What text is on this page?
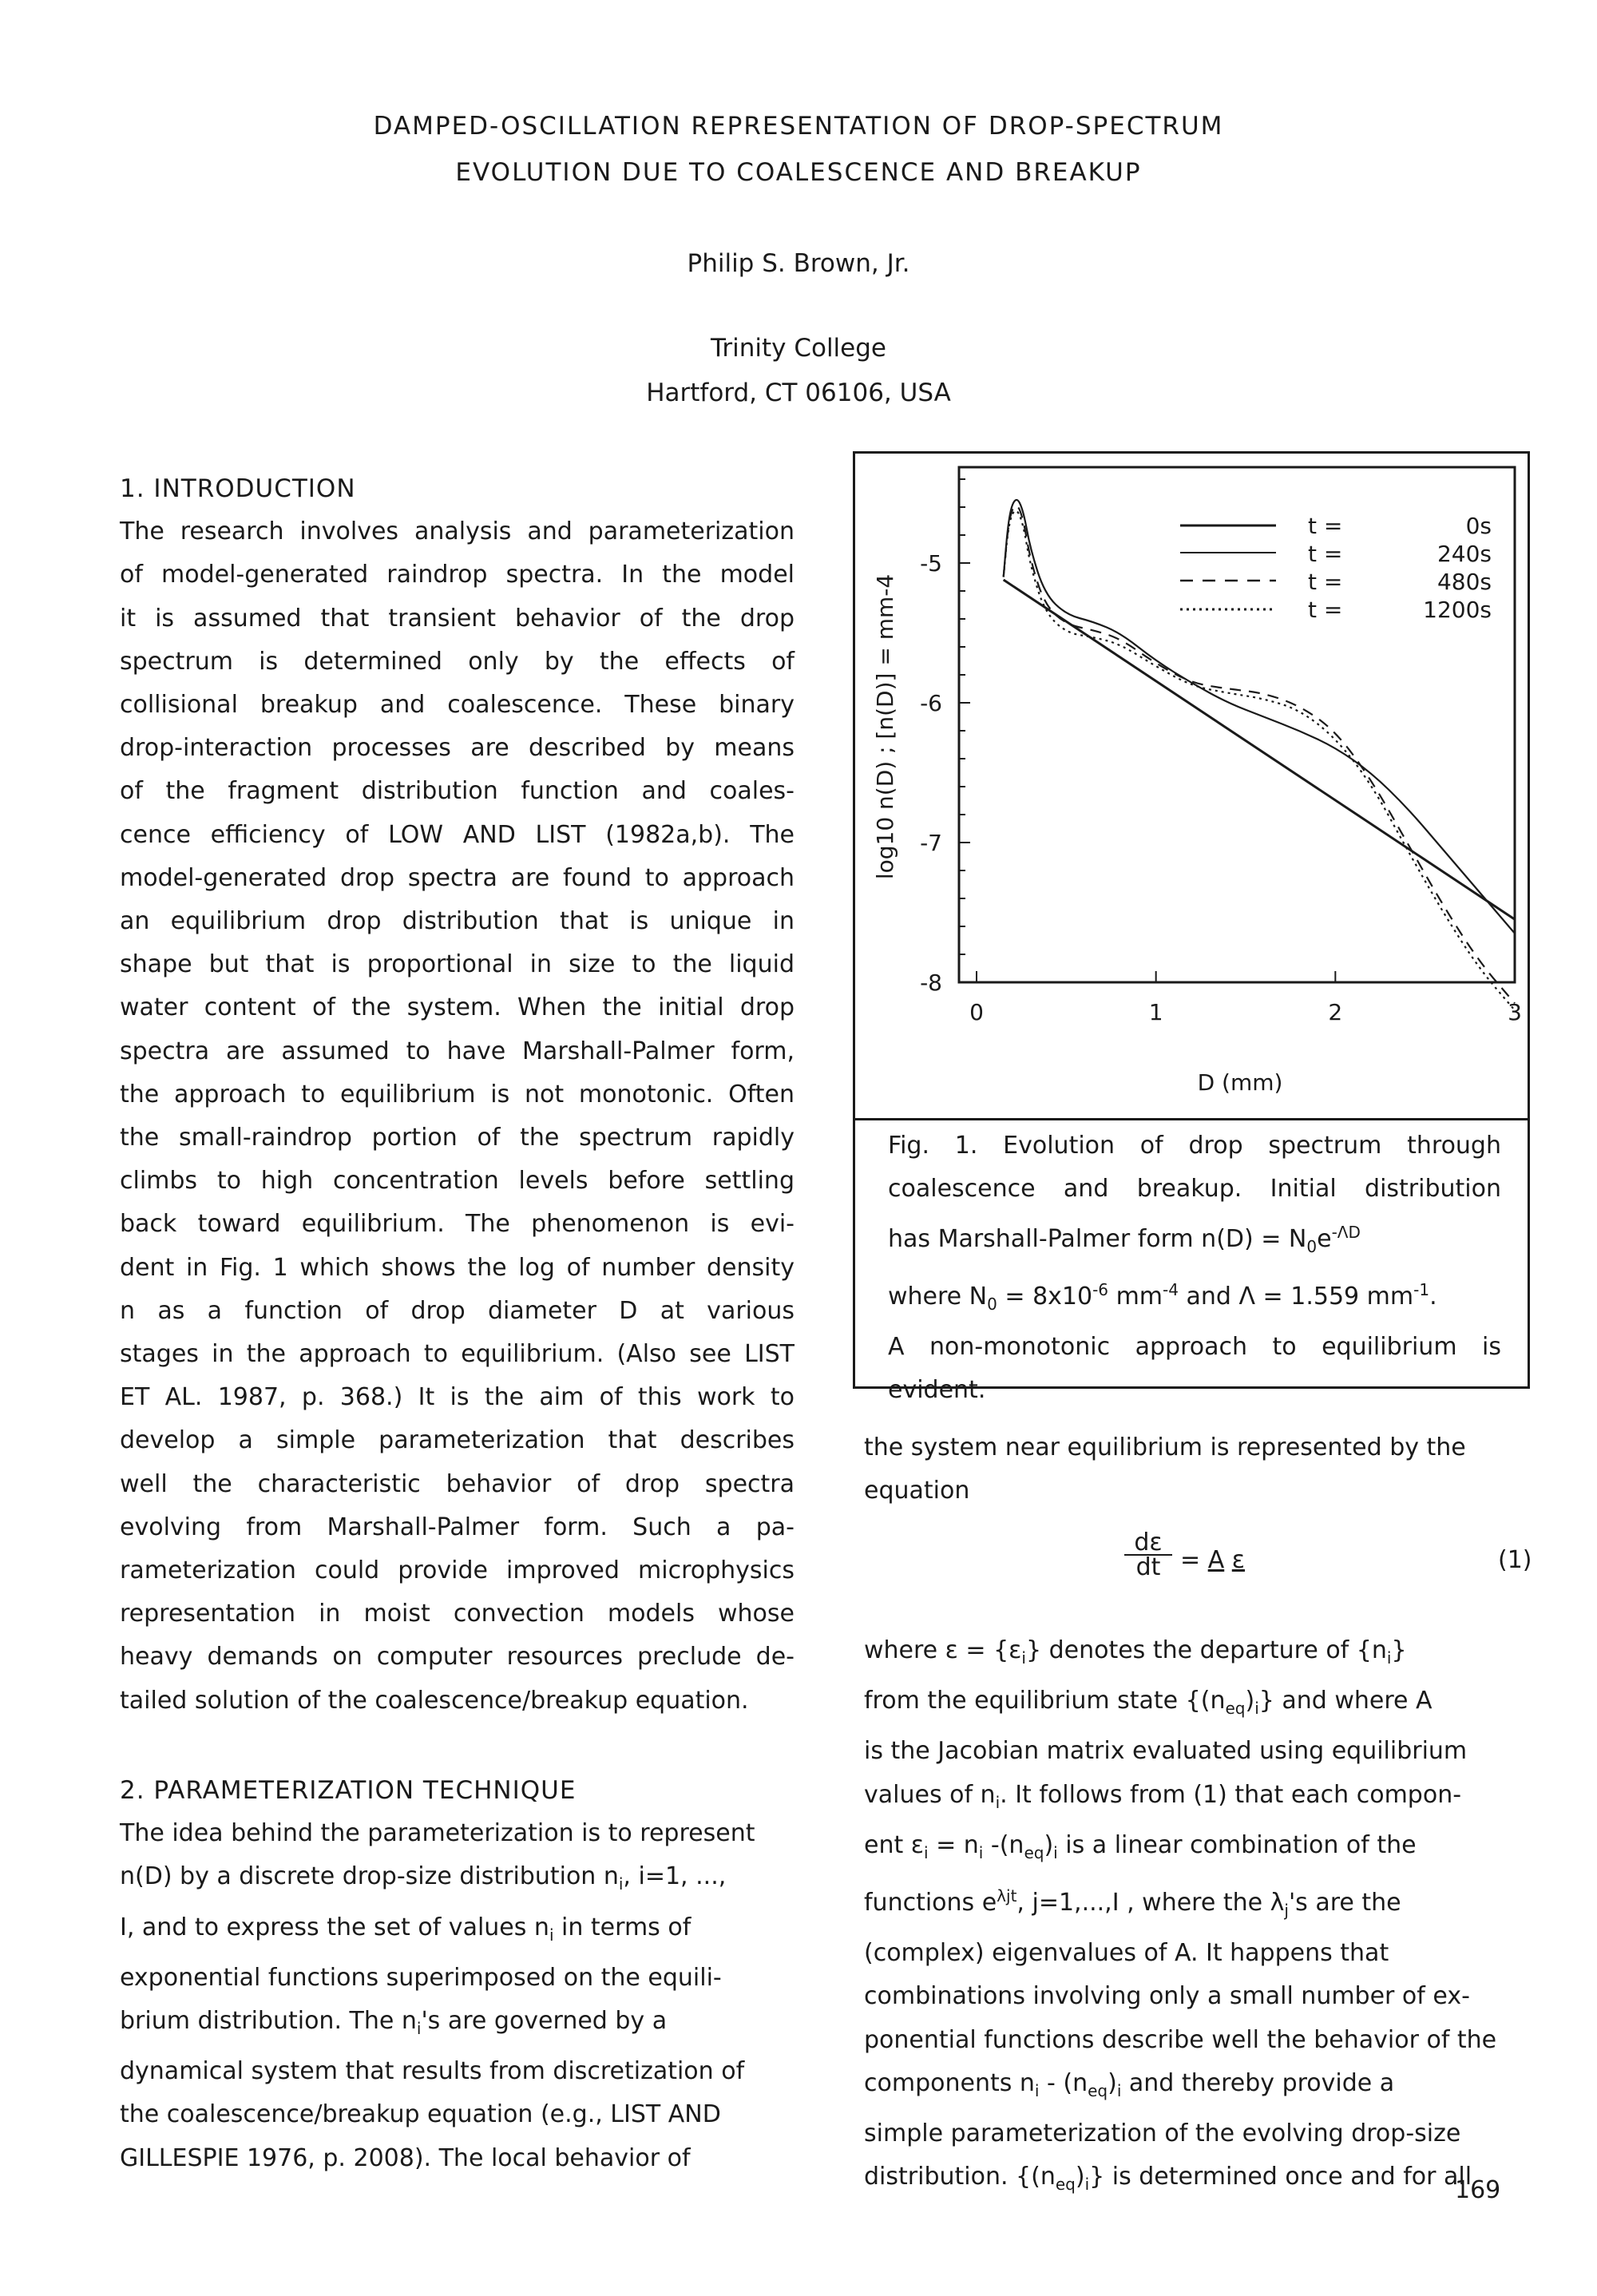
DAMPED-OSCILLATION REPRESENTATION OF DROP-SPECTRUM
EVOLUTION DUE TO COALESCENCE AND BREAKUP
Philip S. Brown, Jr.
Trinity College
Hartford, CT 06106, USA
1. INTRODUCTION

The research involves analysis and parameterization

of model-generated raindrop spectra. In the model

it is assumed that transient behavior of the drop

spectrum is determined only by the effects of

collisional breakup and coalescence. These binary

drop-interaction processes are described by means

of the fragment distribution function and coales-

cence efficiency of LOW AND LIST (1982a,b). The

model-generated drop spectra are found to approach

an equilibrium drop distribution that is unique in

shape but that is proportional in size to the liquid

water content of the system. When the initial drop

spectra are assumed to have Marshall-Palmer form,

the approach to equilibrium is not monotonic. Often

the small-raindrop portion of the spectrum rapidly

climbs to high concentration levels before settling

back toward equilibrium. The phenomenon is evi-

dent in Fig. 1 which shows the log of number density

n as a function of drop diameter D at various

stages in the approach to equilibrium. (Also see LIST

ET AL. 1987, p. 368.) It is the aim of this work to

develop a simple parameterization that describes

well the characteristic behavior of drop spectra

evolving from Marshall-Palmer form. Such a pa-

rameterization could provide improved microphysics

representation in moist convection models whose

heavy demands on computer resources preclude de-

tailed solution of the coalescence/breakup equation.

2. PARAMETERIZATION TECHNIQUE

The idea behind the parameterization is to represent

n(D) by a discrete drop-size distribution $n_i$, i=1, ...,

I, and to express the set of values $n_i$ in terms of

exponential functions superimposed on the equili-

brium distribution. The $n_i's$ are governed by a

dynamical system that results from discretization of

the coalescence/breakup equation (e.g., LIST AND

GILLESPIE 1976, p. 2008). The local behavior of

-5
-6
-7
-8
0	1	2	3
log10 n(D) ; [n(D)] = mm-4
D (mm)
t =	0s
t =	240s
t =	480s
t =	1200s
Fig. 1. Evolution of drop spectrum through
coalescence and breakup. Initial distribution
has Marshall-Palmer form $n(D) = N_0e^{-\Lambda D}$
where $N_0 = 8x10^{-6}$ $mm^{-4}$ and Λ = 1.559 $mm^{-1}$.
A non-monotonic approach to equilibrium is
evident.

the system near equilibrium is represented by the

equation

$\frac{d\varepsilon}{dt} = A$ ε	(1)

where $\varepsilon = \{\varepsilon_i\}$ denotes the departure of $\{n_i\}$

from the equilibrium state $\{(n_{eq})_i\}$ and where A

is the Jacobian matrix evaluated using equilibrium

values of $n_i$. It follows from (1) that each compon-

ent $\varepsilon_i = n_i$ $-(n_{eq})_i$ is a linear combination of the

functions $e^{\lambda jt}$, j=1,...,I , where the $\lambda_j's$ are the

(complex) eigenvalues of A. It happens that

combinations involving only a small number of ex-

ponential functions describe well the behavior of the

components $n_i - (n_{eq})_i$ and thereby provide a

simple parameterization of the evolving drop-size

distribution. $\{(n_{eq})_i\}$ is determined once and for all

169
